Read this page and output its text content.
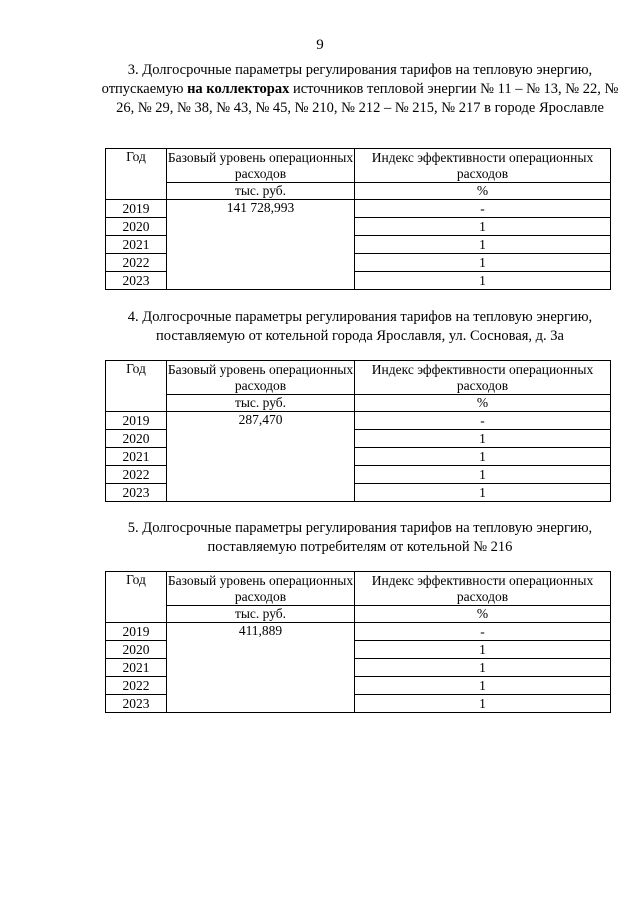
9
3. Долгосрочные параметры регулирования тарифов на тепловую энергию, отпускаемую на коллекторах источников тепловой энергии № 11 – № 13, № 22, № 26, № 29, № 38, № 43, № 45, № 210, № 212 – № 215, № 217 в городе Ярославле
Год	Базовый уровень операционных расходов	Индекс эффективности операционных расходов
	тыс. руб.	%
2019	141 728,993	-
2020		1
2021		1
2022		1
2023		1
4. Долгосрочные параметры регулирования тарифов на тепловую энергию, поставляемую от котельной города Ярославля, ул. Сосновая, д. 3а
Год	Базовый уровень операционных расходов	Индекс эффективности операционных расходов
	тыс. руб.	%
2019	287,470	-
2020		1
2021		1
2022		1
2023		1
5. Долгосрочные параметры регулирования тарифов на тепловую энергию, поставляемую потребителям от котельной № 216
Год	Базовый уровень операционных расходов	Индекс эффективности операционных расходов
	тыс. руб.	%
2019	411,889	-
2020		1
2021		1
2022		1
2023		1
